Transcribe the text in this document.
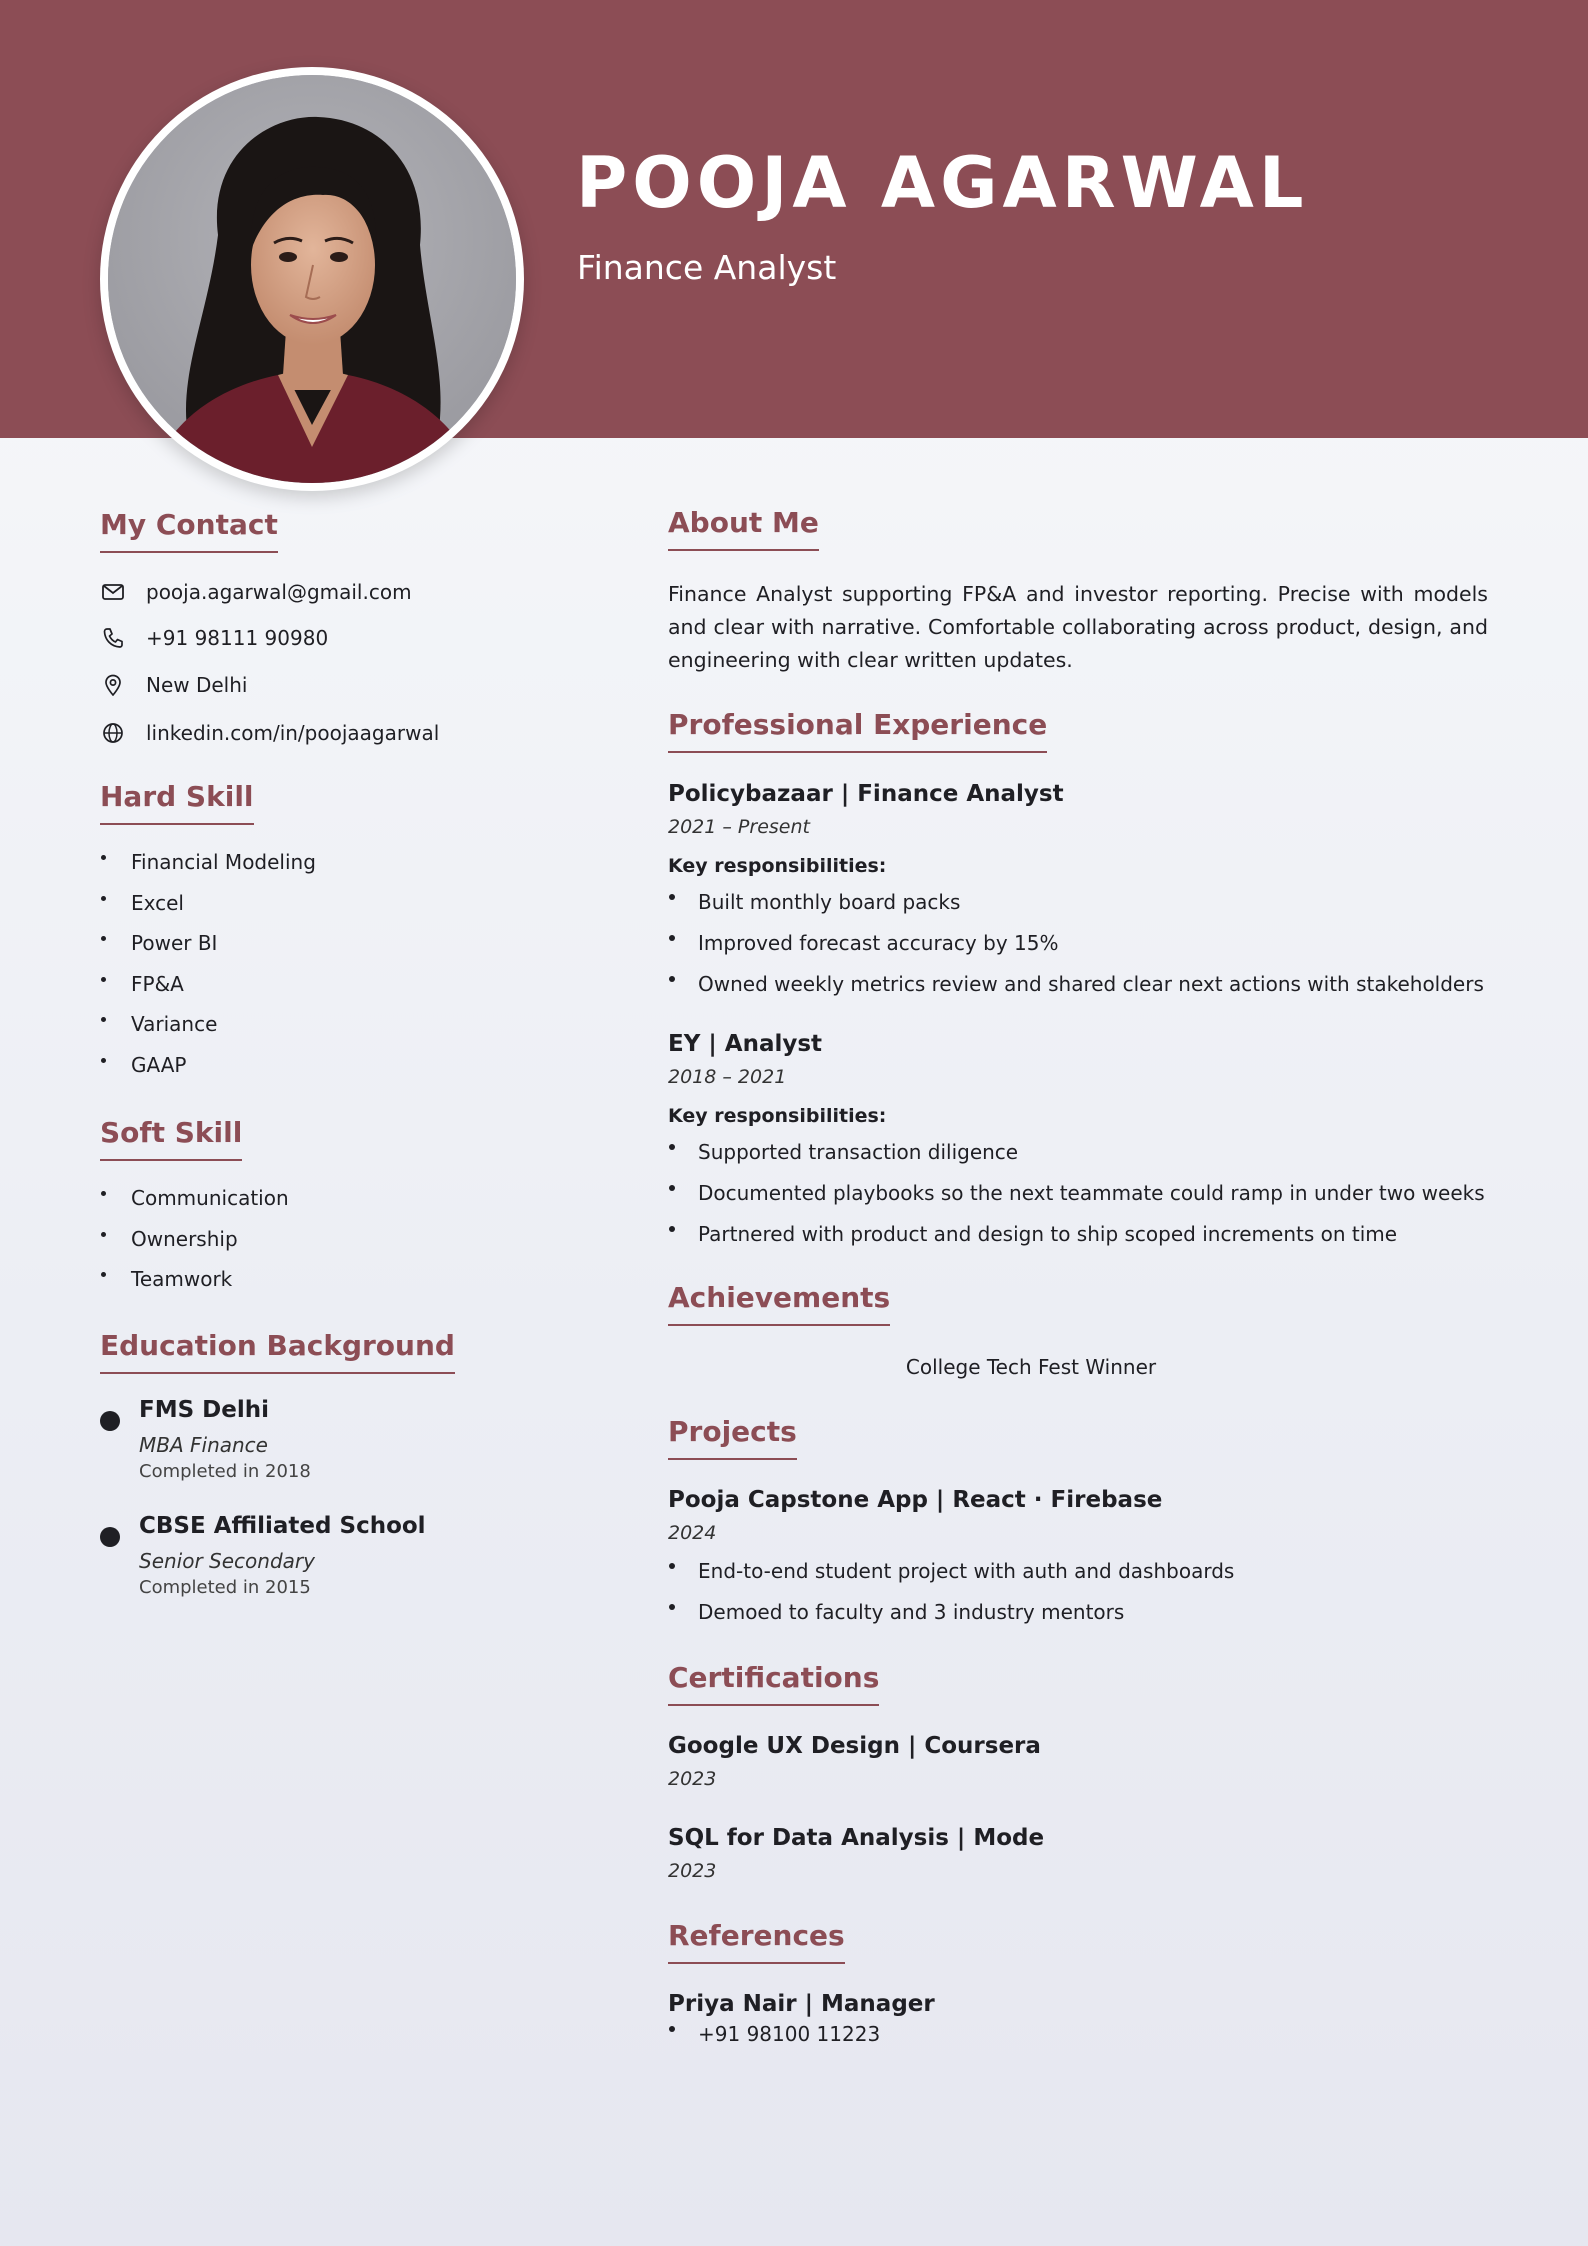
POOJA AGARWAL
Finance Analyst
My Contact
pooja.agarwal@gmail.com
+91 98111 90980
New Delhi
linkedin.com/in/poojaagarwal
Hard Skill
Financial Modeling
Excel
Power BI
FP&A
Variance
GAAP
Soft Skill
Communication
Ownership
Teamwork
Education Background
FMS Delhi
MBA Finance
Completed in 2018
CBSE Affiliated School
Senior Secondary
Completed in 2015
About Me
Finance Analyst supporting FP&A and investor reporting. Precise with models and clear with narrative. Comfortable collaborating across product, design, and engineering with clear written updates.
Professional Experience
Policybazaar | Finance Analyst
2021 – Present
Key responsibilities:
Built monthly board packs
Improved forecast accuracy by 15%
Owned weekly metrics review and shared clear next actions with stakeholders
EY | Analyst
2018 – 2021
Key responsibilities:
Supported transaction diligence
Documented playbooks so the next teammate could ramp in under two weeks
Partnered with product and design to ship scoped increments on time
Achievements
College Tech Fest Winner
Projects
Pooja Capstone App | React · Firebase
2024
End-to-end student project with auth and dashboards
Demoed to faculty and 3 industry mentors
Certifications
Google UX Design | Coursera
2023
SQL for Data Analysis | Mode
2023
References
Priya Nair | Manager
+91 98100 11223
